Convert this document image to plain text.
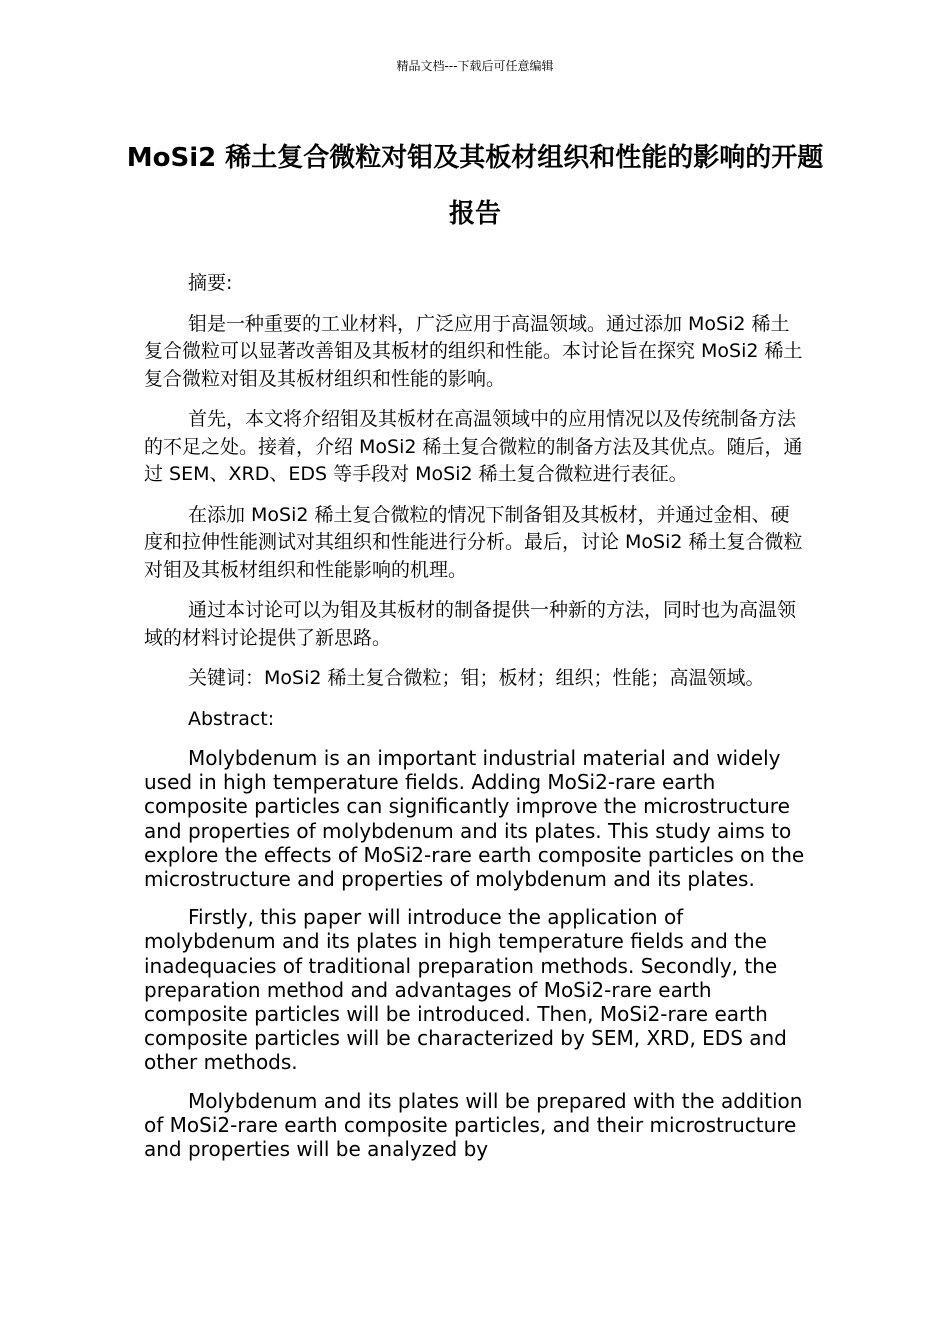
精品文档---下载后可任意编辑
MoSi2 稀土复合微粒对钼及其板材组织和性能的影响的开题报告

摘要:

钼是一种重要的工业材料，广泛应用于高温领域。通过添加 MoSi2 稀土复合微粒可以显著改善钼及其板材的组织和性能。本讨论旨在探究 MoSi2 稀土复合微粒对钼及其板材组织和性能的影响。

首先，本文将介绍钼及其板材在高温领域中的应用情况以及传统制备方法的不足之处。接着，介绍 MoSi2 稀土复合微粒的制备方法及其优点。随后，通过 SEM、XRD、EDS 等手段对 MoSi2 稀土复合微粒进行表征。

在添加 MoSi2 稀土复合微粒的情况下制备钼及其板材，并通过金相、硬度和拉伸性能测试对其组织和性能进行分析。最后，讨论 MoSi2 稀土复合微粒对钼及其板材组织和性能影响的机理。

通过本讨论可以为钼及其板材的制备提供一种新的方法，同时也为高温领域的材料讨论提供了新思路。

关键词：MoSi2 稀土复合微粒；钼；板材；组织；性能；高温领域。

Abstract:

Molybdenum is an important industrial material and widely used in high temperature fields. Adding MoSi2-rare earth composite particles can significantly improve the microstructure and properties of molybdenum and its plates. This study aims to explore the effects of MoSi2-rare earth composite particles on the microstructure and properties of molybdenum and its plates.

Firstly, this paper will introduce the application of molybdenum and its plates in high temperature fields and the inadequacies of traditional preparation methods. Secondly, the preparation method and advantages of MoSi2-rare earth composite particles will be introduced. Then, MoSi2-rare earth composite particles will be characterized by SEM, XRD, EDS and other methods.

Molybdenum and its plates will be prepared with the addition of MoSi2-rare earth composite particles, and their microstructure and properties will be analyzed by
